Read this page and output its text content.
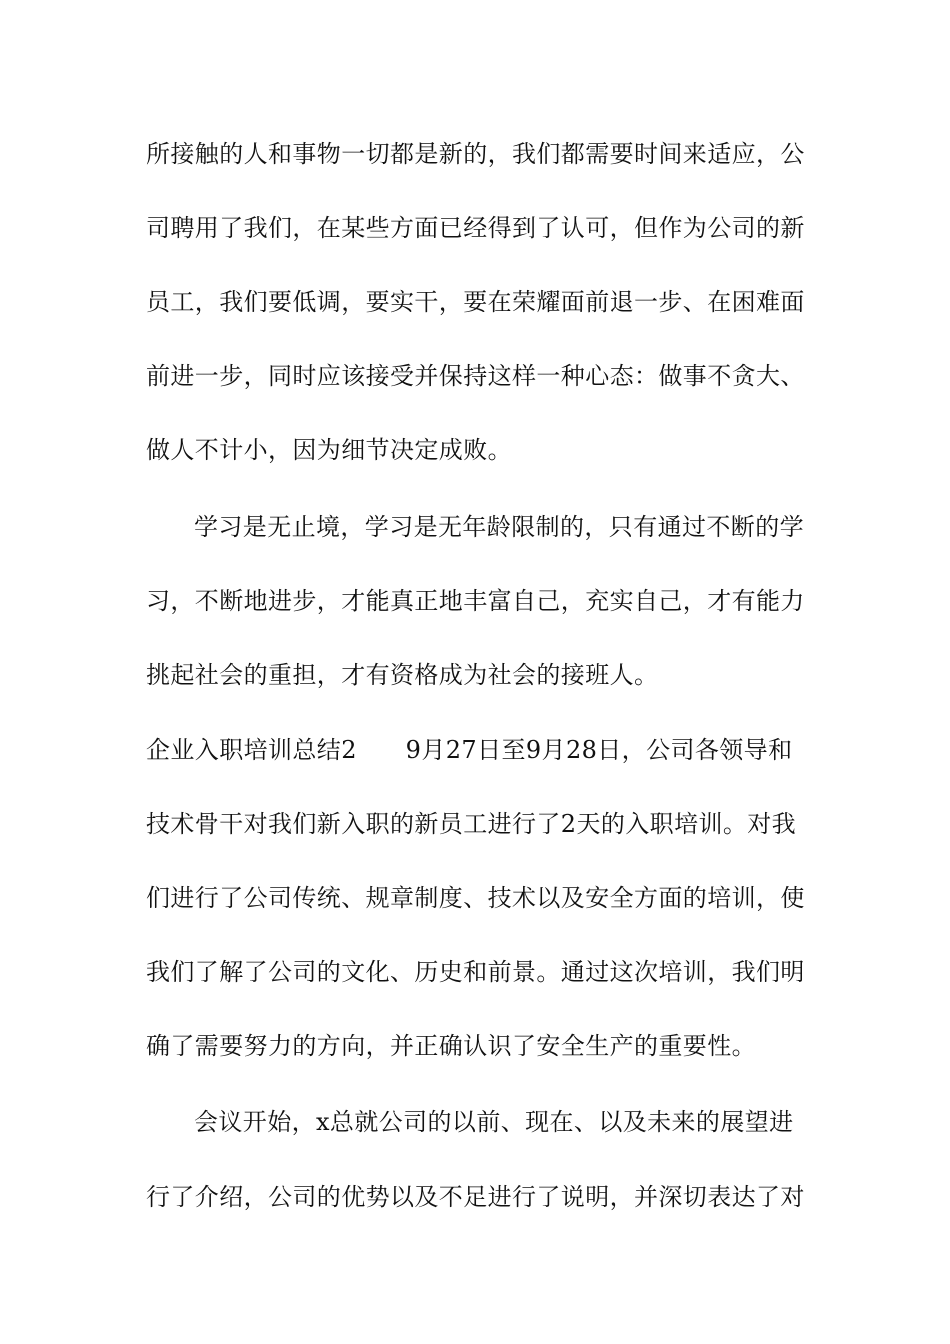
所接触的人和事物一切都是新的，我们都需要时间来适应，公
司聘用了我们，在某些方面已经得到了认可，但作为公司的新
员工，我们要低调，要实干，要在荣耀面前退一步、在困难面
前进一步，同时应该接受并保持这样一种心态：做事不贪大、
做人不计小，因为细节决定成败。
学习是无止境，学习是无年龄限制的，只有通过不断的学
习，不断地进步，才能真正地丰富自己，充实自己，才有能力
挑起社会的重担，才有资格成为社会的接班人。
企业入职培训总结2　　9月27日至9月28日，公司各领导和
技术骨干对我们新入职的新员工进行了2天的入职培训。对我
们进行了公司传统、规章制度、技术以及安全方面的培训，使
我们了解了公司的文化、历史和前景。通过这次培训，我们明
确了需要努力的方向，并正确认识了安全生产的重要性。
会议开始，x总就公司的以前、现在、以及未来的展望进
行了介绍，公司的优势以及不足进行了说明，并深切表达了对
